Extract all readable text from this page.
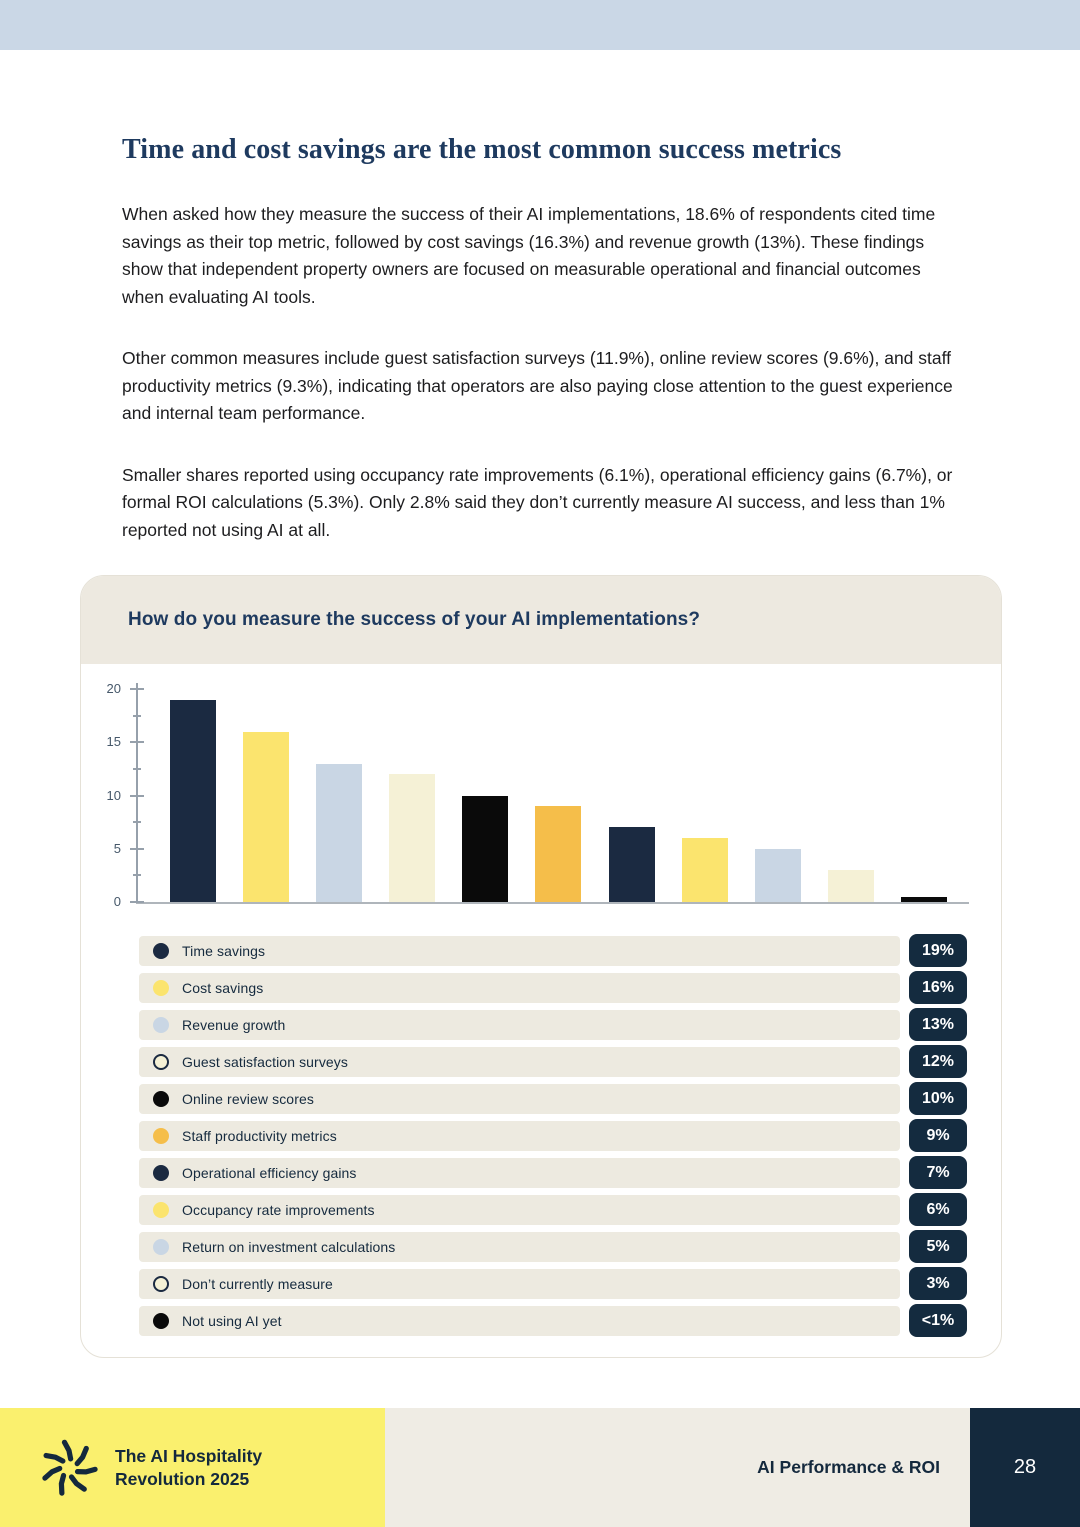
Time and cost savings are the most common success metrics

When asked how they measure the success of their AI implementations, 18.6% of respondents cited time savings as their top metric, followed by cost savings (16.3%) and revenue growth (13%). These findings show that independent property owners are focused on measurable operational and financial outcomes when evaluating AI tools.

Other common measures include guest satisfaction surveys (11.9%), online review scores (9.6%), and staff productivity metrics (9.3%), indicating that operators are also paying close attention to the guest experience and internal team performance.

Smaller shares reported using occupancy rate improvements (6.1%), operational efficiency gains (6.7%), or formal ROI calculations (5.3%). Only 2.8% said they don’t currently measure AI success, and less than 1% reported not using AI at all.

How do you measure the success of your AI implementations?
0
5
10
15
20
Time savings	19%
Cost savings	16%
Revenue growth	13%
Guest satisfaction surveys	12%
Online review scores	10%
Staff productivity metrics	9%
Operational efficiency gains	7%
Occupancy rate improvements	6%
Return on investment calculations	5%
Don’t currently measure	3%
Not using AI yet	<1%
The AI Hospitality
Revolution 2025
AI Performance & ROI	28
